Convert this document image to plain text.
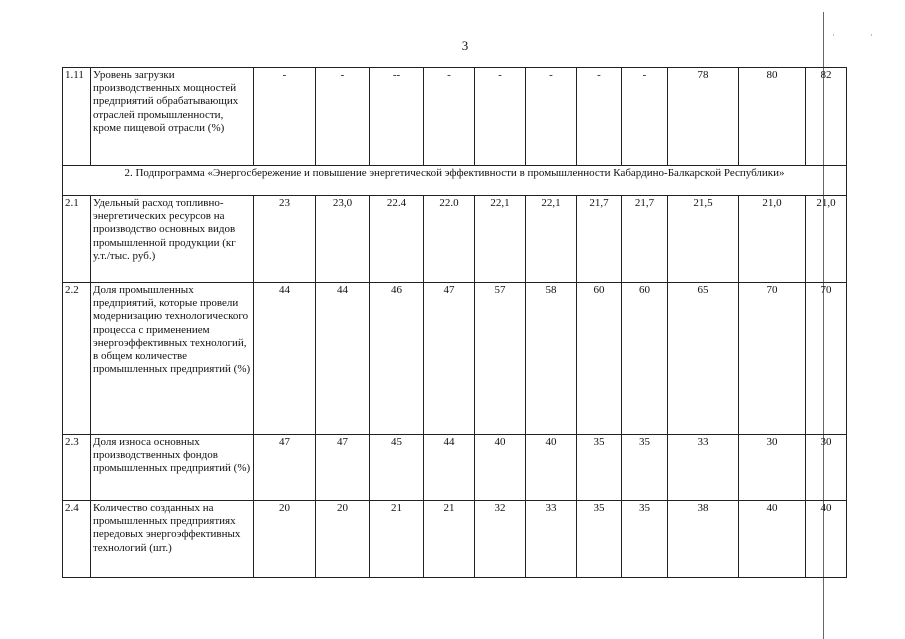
3
·	·
1.11	Уровень загрузки производственных мощностей предприятий обрабатывающих отраслей промышленности, кроме пищевой отрасли (%)	-	-	--	-	-	-	-	-	78	80	82
2. Подпрограмма «Энергосбережение и повышение энергетической эффективности в промышленности Кабардино-Балкарской Республики»												
2.1	Удельный расход топливно-энергетических ресурсов на производство основных видов промышленной продукции (кг у.т./тыс. руб.)	23	23,0	22.4	22.0	22,1	22,1	21,7	21,7	21,5	21,0	21,0
2.2	Доля промышленных предприятий, которые провели модернизацию технологического процесса с применением энергоэффективных технологий, в общем количестве промышленных предприятий (%)	44	44	46	47	57	58	60	60	65	70	70
2.3	Доля износа основных производственных фондов промышленных предприятий (%)	47	47	45	44	40	40	35	35	33	30	30
2.4	Количество созданных на промышленных предприятиях передовых энергоэффективных технологий (шт.)	20	20	21	21	32	33	35	35	38	40	40
